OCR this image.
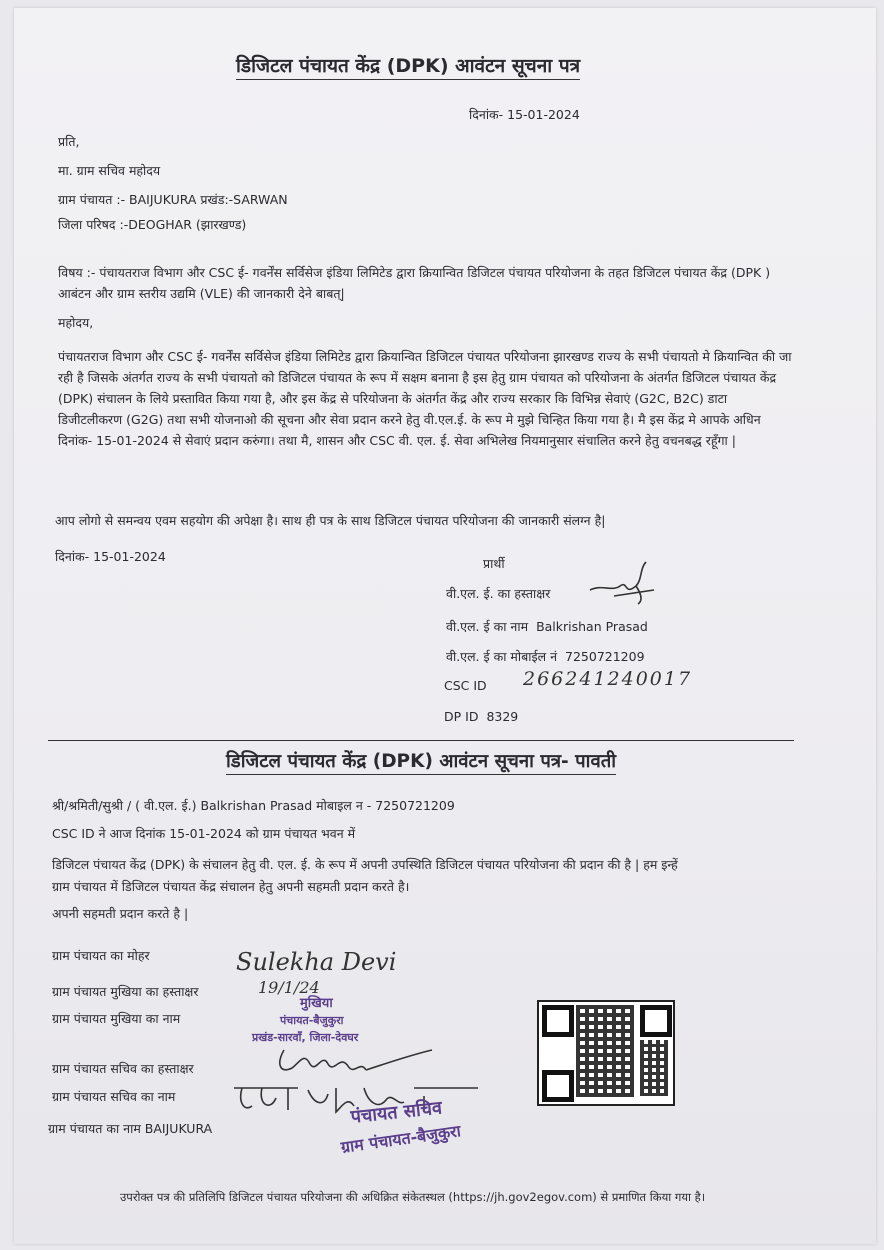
डिजिटल पंचायत केंद्र (DPK) आवंटन सूचना पत्र
दिनांक- 15-01-2024
प्रति,
मा. ग्राम सचिव महोदय
ग्राम पंचायत :- BAIJUKURA प्रखंड:-SARWAN
जिला परिषद :-DEOGHAR (झारखण्ड)
विषय :- पंचायतराज विभाग और CSC ई- गवर्नेंस सर्विसेज इंडिया लिमिटेड द्वारा क्रियान्वित डिजिटल पंचायत परियोजना के तहत डिजिटल पंचायत केंद्र (DPK ) आबंटन और ग्राम स्तरीय उद्यमि (VLE) की जानकारी देने बाबत्|
महोदय,
पंचायतराज विभाग और CSC ई- गवर्नेंस सर्विसेज इंडिया लिमिटेड द्वारा क्रियान्वित डिजिटल पंचायत परियोजना झारखण्ड राज्य के सभी पंचायतो मे क्रियान्वित की जा रही है जिसके अंतर्गत राज्य के सभी पंचायतो को डिजिटल पंचायत के रूप में सक्षम बनाना है इस हेतु ग्राम पंचायत को परियोजना के अंतर्गत डिजिटल पंचायत केंद्र (DPK) संचालन के लिये प्रस्तावित किया गया है, और इस केंद्र से परियोजना के अंतर्गत केंद्र और राज्य सरकार कि विभिन्न सेवाएं (G2C, B2C) डाटा डिजीटलीकरण (G2G) तथा सभी योजनाओ की सूचना और सेवा प्रदान करने हेतु वी.एल.ई. के रूप मे मुझे चिन्हित किया गया है। मै इस केंद्र मे आपके अधिन दिनांक- 15-01-2024 से सेवाएं प्रदान करुंगा। तथा मै, शासन और CSC वी. एल. ई. सेवा अभिलेख नियमानुसार संचालित करने हेतु वचनबद्ध रहूँगा |
आप लोगो से समन्वय एवम सहयोग की अपेक्षा है। साथ ही पत्र के साथ डिजिटल पंचायत परियोजना की जानकारी संलग्न है|
दिनांक- 15-01-2024	प्रार्थी
वी.एल. ई. का हस्ताक्षर
वी.एल. ई का नाम Balkrishan Prasad
वी.एल. ई का मोबाईल नं 7250721209
CSC ID 266241240017
DP ID 8329
डिजिटल पंचायत केंद्र (DPK) आवंटन सूचना पत्र- पावती
श्री/श्रमिती/सुश्री / ( वी.एल. ई.) Balkrishan Prasad मोबाइल न - 7250721209
CSC ID ने आज दिनांक 15-01-2024 को ग्राम पंचायत भवन में
डिजिटल पंचायत केंद्र (DPK) के संचालन हेतु वी. एल. ई. के रूप में अपनी उपस्थिति डिजिटल पंचायत परियोजना की प्रदान की है | हम इन्हें
ग्राम पंचायत में डिजिटल पंचायत केंद्र संचालन हेतु अपनी सहमती प्रदान करते है।
अपनी सहमती प्रदान करते है |
ग्राम पंचायत का मोहर
ग्राम पंचायत मुखिया का हस्ताक्षर
ग्राम पंचायत मुखिया का नाम
ग्राम पंचायत सचिव का हस्ताक्षर
ग्राम पंचायत सचिव का नाम
ग्राम पंचायत का नाम BAIJUKURA
Sulekha Devi
19/1/24
मुखिया
पंचायत-बैजुकुरा
प्रखंड-सारवाँ, जिला-देवघर
पंचायत सचिव
ग्राम पंचायत-बैजुकुरा
उपरोक्त पत्र की प्रतिलिपि डिजिटल पंचायत परियोजना की अधिक्रित संकेतस्थल (https://jh.gov2egov.com) से प्रमाणित किया गया है।
